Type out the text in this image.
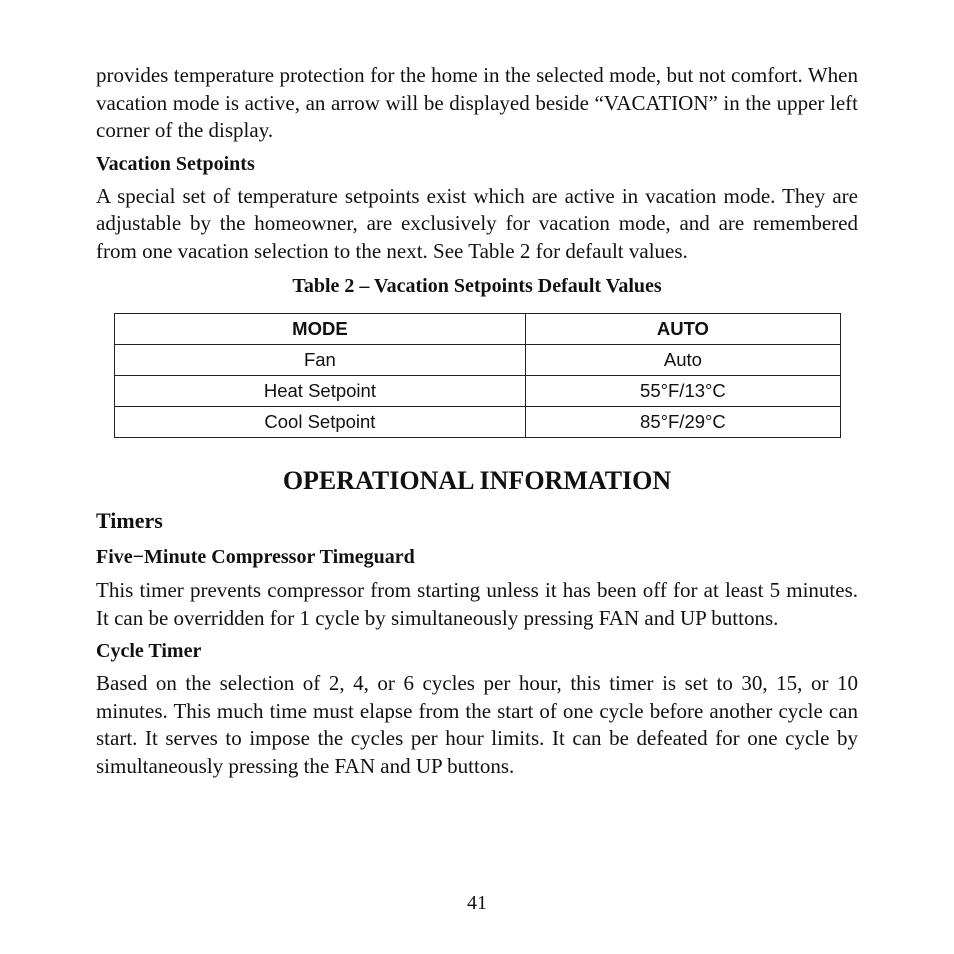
provides temperature protection for the home in the selected mode, but not comfort. When vacation mode is active, an arrow will be displayed beside “VACATION” in the upper left corner of the display.

Vacation Setpoints

A special set of temperature setpoints exist which are active in vacation mode. They are adjustable by the homeowner, are exclusively for vacation mode, and are remembered from one vacation selection to the next. See Table 2 for default values.

Table 2 – Vacation Setpoints Default Values
MODE	AUTO
Fan	Auto
Heat Setpoint	55°F/13°C
Cool Setpoint	85°F/29°C
OPERATIONAL INFORMATION
Timers
Five−Minute Compressor Timeguard

This timer prevents compressor from starting unless it has been off for at least 5 minutes. It can be overridden for 1 cycle by simultaneously pressing FAN and UP buttons.

Cycle Timer

Based on the selection of 2, 4, or 6 cycles per hour, this timer is set to 30, 15, or 10 minutes. This much time must elapse from the start of one cycle before another cycle can start. It serves to impose the cycles per hour limits. It can be defeated for one cycle by simultaneously pressing the FAN and UP buttons.

41
